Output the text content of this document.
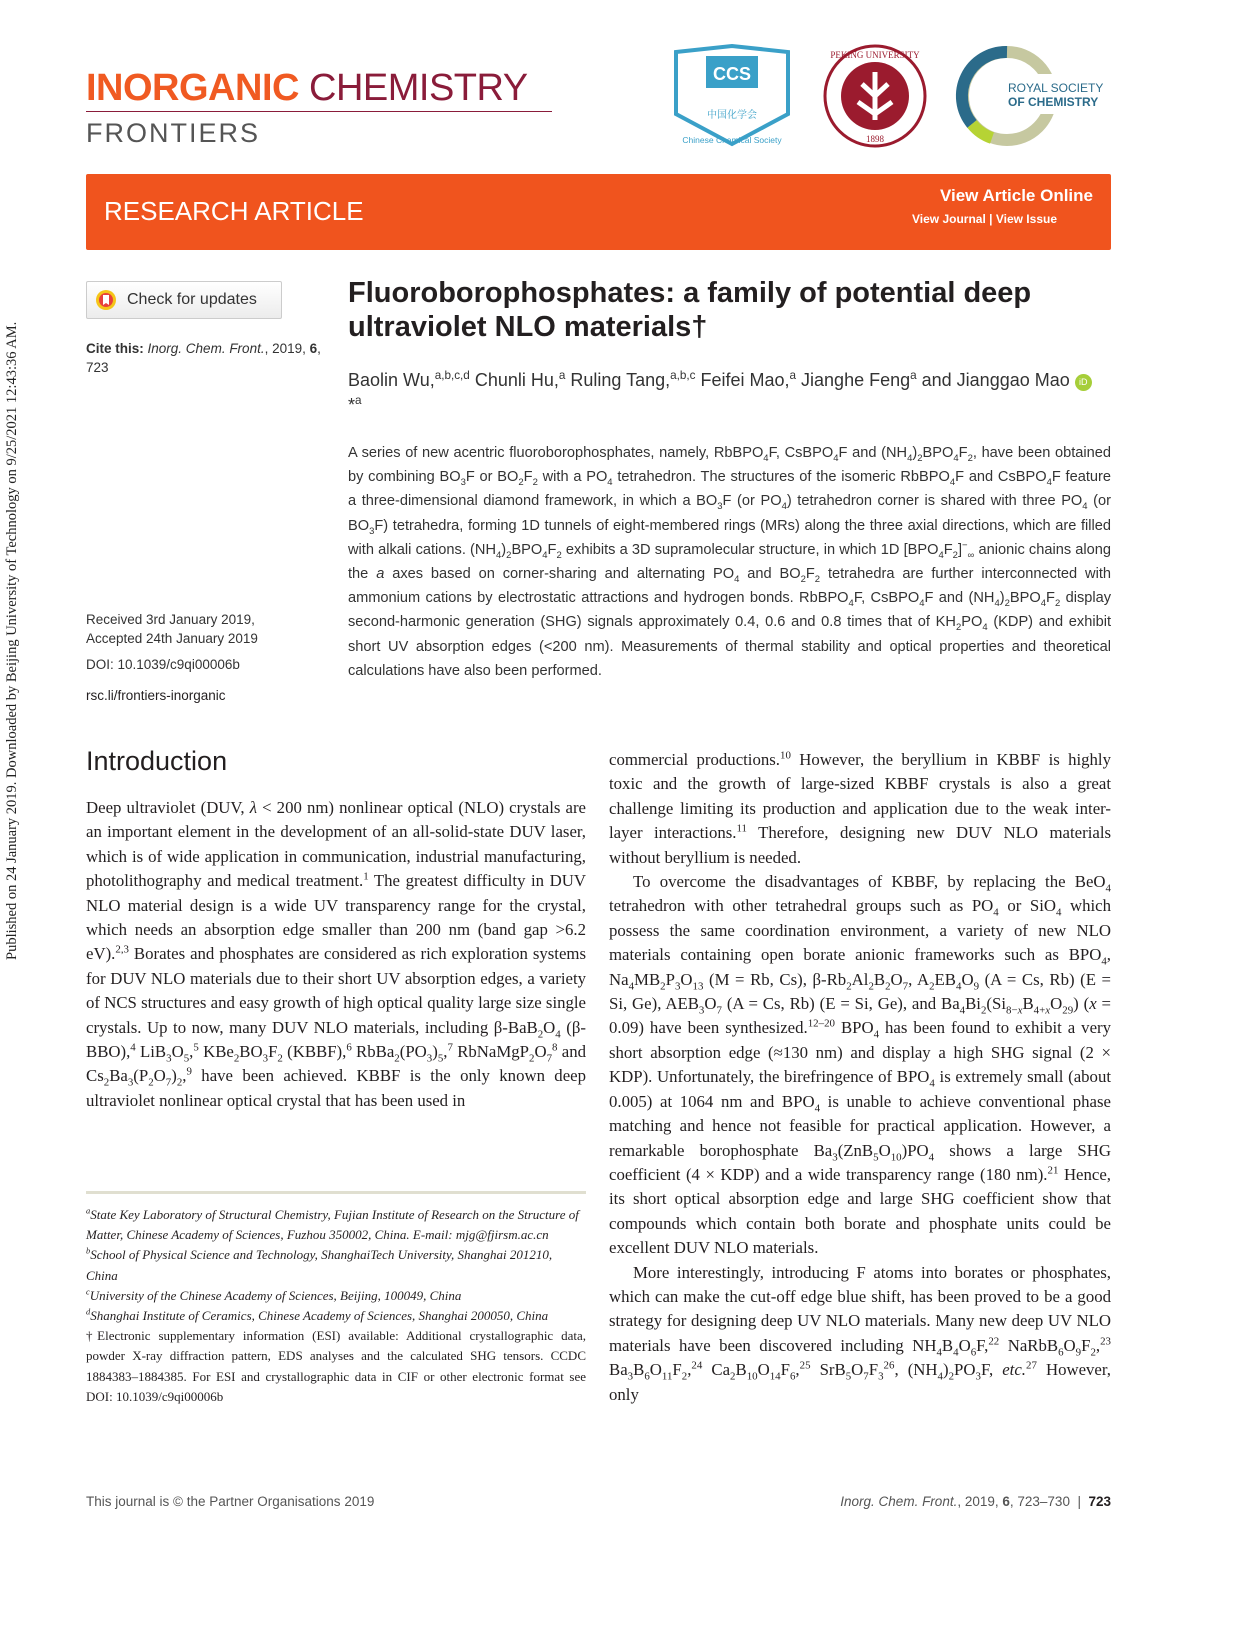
Published on 24 January 2019. Downloaded by Beijing University of Technology on 9/25/2021 12:43:36 AM.
INORGANIC CHEMISTRY
FRONTIERS
CCS
中国化学会
Chinese Chemical Society
PEKING UNIVERSITY
1898
ROYAL SOCIETY
OF CHEMISTRY
RESEARCH ARTICLE
View Article Online
View Journal | View Issue
Check for updates
Cite this: Inorg. Chem. Front., 2019, 6, 723
Received 3rd January 2019,
Accepted 24th January 2019
DOI: 10.1039/c9qi00006b
rsc.li/frontiers-inorganic
Fluoroborophosphates: a family of potential deep ultraviolet NLO materials†
Baolin Wu,$^{a,b,c,d}$ Chunli Hu,$^a$ Ruling Tang,$^{a,b,c}$ Feifei Mao,$^a$ Jianghe Feng$^a$ and Jianggao Mao iD *$^a$
A series of new acentric fluoroborophosphates, namely, RbBPO$_4$F, CsBPO$_4$F and $(NH_4)_2BPO_4F_2$, have been obtained by combining $BO_3F$ or $BO_2F_2$ with a $PO_4$ tetrahedron. The structures of the isomeric RbBPO$_4$F and CsBPO$_4$F feature a three-dimensional diamond framework, in which a $BO_3F$ (or $PO_4$) tetrahedron corner is shared with three $PO_4$ (or $BO_3F$) tetrahedra, forming 1D tunnels of eight-membered rings (MRs) along the three axial directions, which are filled with alkali cations. $(NH_4)_2BPO_4F_2$ exhibits a 3D supramolecular structure, in which 1D $[BPO_4F_2]^-_\infty$ anionic chains along the a axes based on corner-sharing and alternating $PO_4$ and $BO_2F_2$ tetrahedra are further interconnected with ammonium cations by electrostatic attractions and hydrogen bonds. RbBPO$_4$F, CsBPO$_4$F and $(NH_4)_2BPO_4F_2$ display second-harmonic generation (SHG) signals approximately 0.4, 0.6 and 0.8 times that of $KH_2PO_4$ (KDP) and exhibit short UV absorption edges (<200 nm). Measurements of thermal stability and optical properties and theoretical calculations have also been performed.
Introduction

Deep ultraviolet (DUV, λ < 200 nm) nonlinear optical (NLO) crystals are an important element in the development of an all-solid-state DUV laser, which is of wide application in communication, industrial manufacturing, photolithography and medical treatment.$^1$ The greatest difficulty in DUV NLO material design is a wide UV transparency range for the crystal, which needs an absorption edge smaller than 200 nm (band gap >6.2 eV).$^{2,3}$ Borates and phosphates are considered as rich exploration systems for DUV NLO materials due to their short UV absorption edges, a variety of NCS structures and easy growth of high optical quality large size single crystals. Up to now, many DUV NLO materials, including $\beta-BaB_2O_4$ (β-BBO),$^4$ $LiB_3O_5,^5$ $KBe_2BO_3F_2$ (KBBF),$^6$ $RbBa_2(PO_3)_5,^7$ $RbNaMgP_2O_7^8$ and $Cs_2Ba_3(P_2O_7)_2,^9$ have been achieved. KBBF is the only known deep ultraviolet nonlinear optical crystal that has been used in

commercial productions.$^{10}$ However, the beryllium in KBBF is highly toxic and the growth of large-sized KBBF crystals is also a great challenge limiting its production and application due to the weak inter-layer interactions.$^{11}$ Therefore, designing new DUV NLO materials without beryllium is needed.

To overcome the disadvantages of KBBF, by replacing the BeO$_4$ tetrahedron with other tetrahedral groups such as $PO_4$ or SiO$_4$ which possess the same coordination environment, a variety of new NLO materials containing open borate anionic frameworks such as $BPO_4$, $Na_4MB_2P_3O_{13}$ (M = Rb, Cs), $\beta-Rb_2Al_2B_2O_7$, $A_2EB_4O_9$ (A = Cs, Rb) (E = Si, Ge), $AEB_3O_7$ (A = Cs, Rb) (E = Si, Ge), and $Ba_4Bi_2(Si_{8-x}B_{4+x}O_{29}) (x = 0.09)$ have been synthesized.$^{12-20}$ $BPO_4$ has been found to exhibit a very short absorption edge (≈130 nm) and display a high SHG signal (2 × KDP). Unfortunately, the birefringence of $BPO_4$ is extremely small (about 0.005) at 1064 nm and $BPO_4$ is unable to achieve conventional phase matching and hence not feasible for practical application. However, a remarkable borophosphate $Ba_3(ZnB_5O_{10})PO_4$ shows a large SHG coefficient (4 × KDP) and a wide transparency range (180 nm).$^{21}$ Hence, its short optical absorption edge and large SHG coefficient show that compounds which contain both borate and phosphate units could be excellent DUV NLO materials.

More interestingly, introducing F atoms into borates or phosphates, which can make the cut-off edge blue shift, has been proved to be a good strategy for designing deep UV NLO materials. Many new deep UV NLO materials have been discovered including $NH_4B_4O_6F,^{22}$ $NaRbB_6O_9F_2,^{23}$ $Ba_3B_6O_{11}F_2,^{24}$ $Ca_2B_{10}O_{14}F_6,^{25}$ $SrB_5O_7F_3^{26}$, $(NH_4)_2PO_3F$, etc.$^{27}$ However, only

$^a$State Key Laboratory of Structural Chemistry, Fujian Institute of Research on the Structure of Matter, Chinese Academy of Sciences, Fuzhou 350002, China. E-mail: mjg@fjirsm.ac.cn
$^b$School of Physical Science and Technology, ShanghaiTech University, Shanghai 201210, China
$^c$University of the Chinese Academy of Sciences, Beijing, 100049, China
$^d$Shanghai Institute of Ceramics, Chinese Academy of Sciences, Shanghai 200050, China
†Electronic supplementary information (ESI) available: Additional crystallographic data, powder X-ray diffraction pattern, EDS analyses and the calculated SHG tensors. CCDC 1884383–1884385. For ESI and crystallographic data in CIF or other electronic format see DOI: 10.1039/c9qi00006b
This journal is © the Partner Organisations 2019	Inorg. Chem. Front., 2019, 6, 723–730  |  723
